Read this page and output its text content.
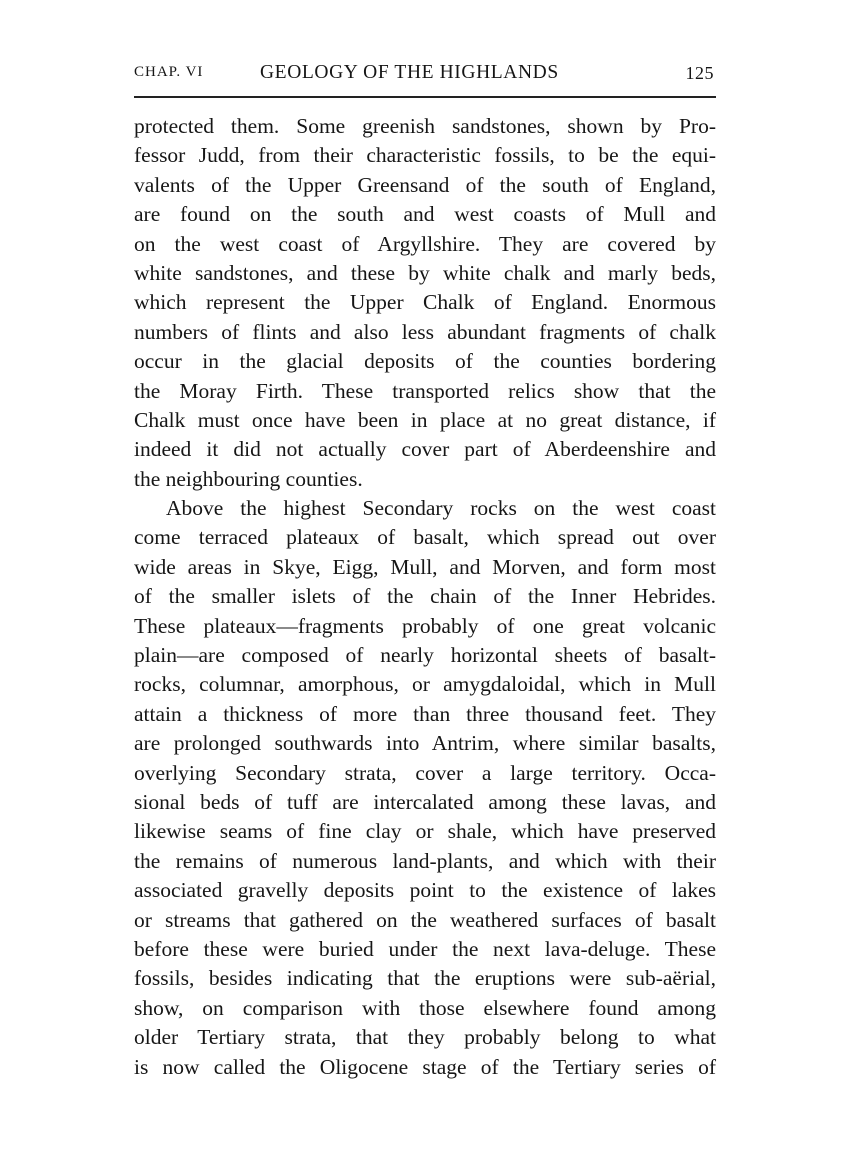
CHAP. VI	GEOLOGY OF THE HIGHLANDS	125
protected them. Some greenish sandstones, shown by Pro-
fessor Judd, from their characteristic fossils, to be the equi-
valents of the Upper Greensand of the south of England,
are found on the south and west coasts of Mull and
on the west coast of Argyllshire. They are covered by
white sandstones, and these by white chalk and marly beds,
which represent the Upper Chalk of England. Enormous
numbers of flints and also less abundant fragments of chalk
occur in the glacial deposits of the counties bordering
the Moray Firth. These transported relics show that the
Chalk must once have been in place at no great distance, if
indeed it did not actually cover part of Aberdeenshire and
the neighbouring counties.
Above the highest Secondary rocks on the west coast
come terraced plateaux of basalt, which spread out over
wide areas in Skye, Eigg, Mull, and Morven, and form most
of the smaller islets of the chain of the Inner Hebrides.
These plateaux—fragments probably of one great volcanic
plain—are composed of nearly horizontal sheets of basalt-
rocks, columnar, amorphous, or amygdaloidal, which in Mull
attain a thickness of more than three thousand feet. They
are prolonged southwards into Antrim, where similar basalts,
overlying Secondary strata, cover a large territory. Occa-
sional beds of tuff are intercalated among these lavas, and
likewise seams of fine clay or shale, which have preserved
the remains of numerous land-plants, and which with their
associated gravelly deposits point to the existence of lakes
or streams that gathered on the weathered surfaces of basalt
before these were buried under the next lava-deluge. These
fossils, besides indicating that the eruptions were sub-aërial,
show, on comparison with those elsewhere found among
older Tertiary strata, that they probably belong to what
is now called the Oligocene stage of the Tertiary series of
